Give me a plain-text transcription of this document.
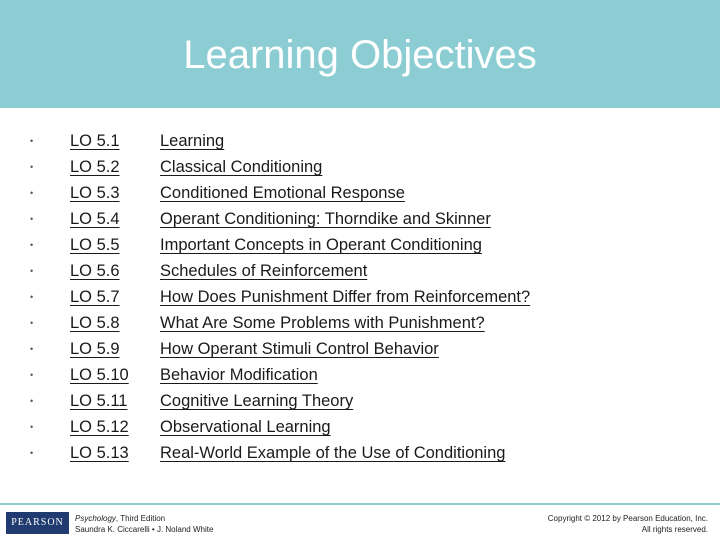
Learning Objectives
•	LO 5.1	Learning
•	LO 5.2	Classical Conditioning
•	LO 5.3	Conditioned Emotional Response
•	LO 5.4	Operant Conditioning: Thorndike and Skinner
•	LO 5.5	Important Concepts in Operant Conditioning
•	LO 5.6	Schedules of Reinforcement
•	LO 5.7	How Does Punishment Differ from Reinforcement?
•	LO 5.8	What Are Some Problems with Punishment?
•	LO 5.9	How Operant Stimuli Control Behavior
•	LO 5.10	Behavior Modification
•	LO 5.11	Cognitive Learning Theory
•	LO 5.12	Observational Learning
•	LO 5.13	Real-World Example of the Use of Conditioning
PEARSON	Psychology, Third Edition
Saundra K. Ciccarelli • J. Noland White
Copyright © 2012 by Pearson Education, Inc.
All rights reserved.
